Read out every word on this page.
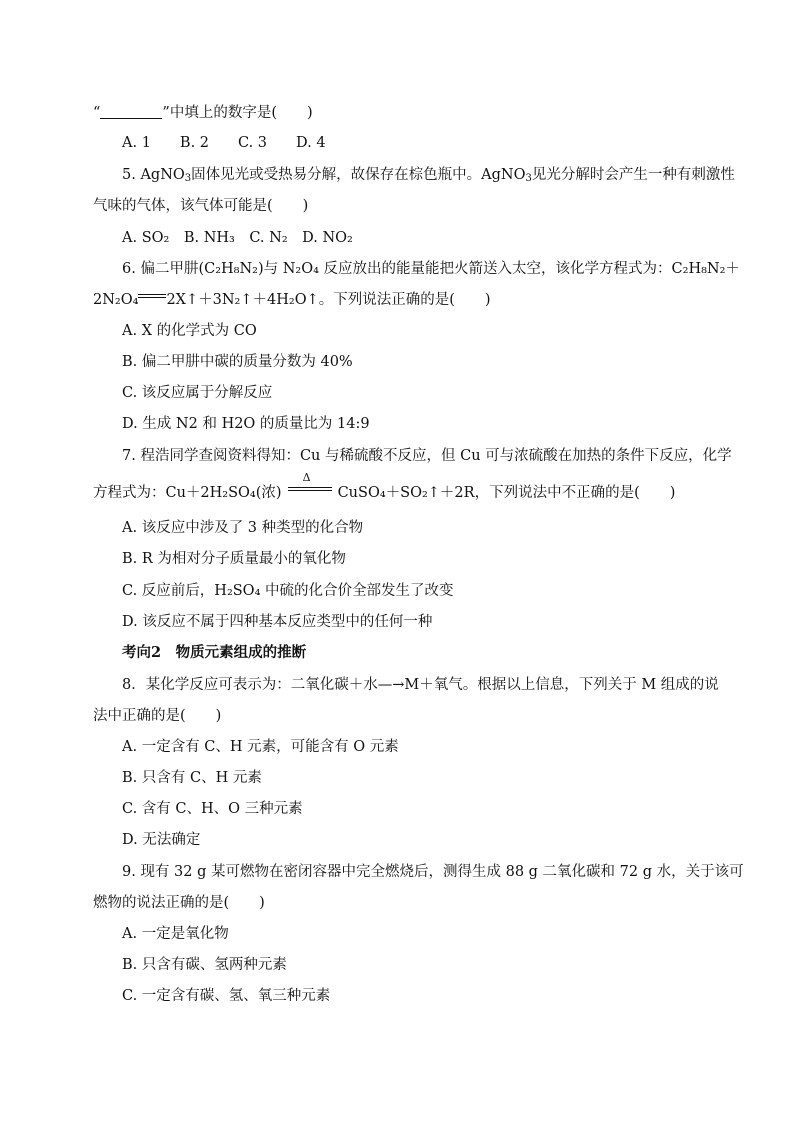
“	”中填上的数字是( )
A. 1　　B. 2　　C. 3　　D. 4
5. AgNO$_3$固体见光或受热易分解，故保存在棕色瓶中。AgNO$_3$见光分解时会产生一种有刺激性
气味的气体，该气体可能是( )
A. SO₂　B. NH₃　C. N₂　D. NO₂
6. 偏二甲肼(C₂H₈N₂)与 N₂O₄ 反应放出的能量能把火箭送入太空，该化学方程式为：C₂H₈N₂＋
2N₂O₄ 2X↑＋3N₂↑＋4H₂O↑。下列说法正确的是( )
A. X 的化学式为 CO
B. 偏二甲肼中碳的质量分数为 40%
C. 该反应属于分解反应
D. 生成 N2 和 H2O 的质量比为 14:9
7. 程浩同学查阅资料得知：Cu 与稀硫酸不反应，但 Cu 可与浓硫酸在加热的条件下反应，化学
方程式为：Cu＋2H₂SO₄(浓)
Δ
CuSO₄＋SO₂↑＋2R，下列说法中不正确的是( )
A. 该反应中涉及了 3 种类型的化合物
B. R 为相对分子质量最小的氧化物
C. 反应前后，H₂SO₄ 中硫的化合价全部发生了改变
D. 该反应不属于四种基本反应类型中的任何一种
考向2　物质元素组成的推断
8．某化学反应可表示为：二氧化碳＋水—→M＋氧气。根据以上信息，下列关于 M 组成的说
法中正确的是( )
A. 一定含有 C、H 元素，可能含有 O 元素
B. 只含有 C、H 元素
C. 含有 C、H、O 三种元素
D. 无法确定
9. 现有 32 g 某可燃物在密闭容器中完全燃烧后，测得生成 88 g 二氧化碳和 72 g 水，关于该可
燃物的说法正确的是( )
A. 一定是氧化物
B. 只含有碳、氢两种元素
C. 一定含有碳、氢、氧三种元素
